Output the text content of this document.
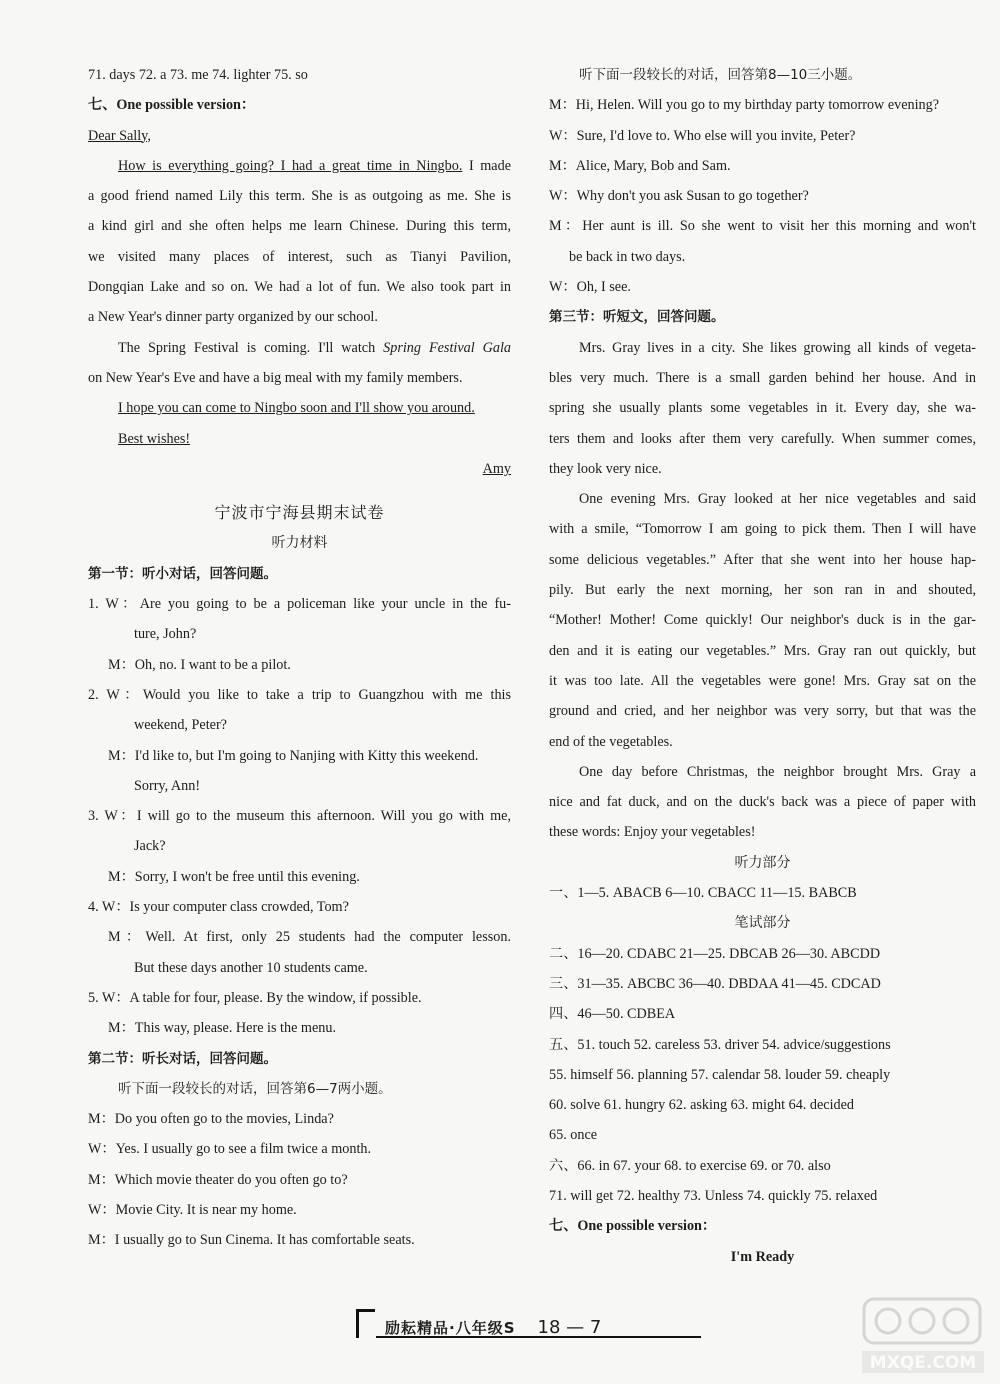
71. days 72. a 73. me 74. lighter 75. so
七、One possible version：
Dear Sally,
How is everything going? I had a great time in Ningbo. I made
a good friend named Lily this term. She is as outgoing as me. She is
a kind girl and she often helps me learn Chinese. During this term,
we visited many places of interest, such as Tianyi Pavilion,
Dongqian Lake and so on. We had a lot of fun. We also took part in
a New Year's dinner party organized by our school.
The Spring Festival is coming. I'll watch Spring Festival Gala
on New Year's Eve and have a big meal with my family members.
I hope you can come to Ningbo soon and I'll show you around.
Best wishes!
Amy
宁波市宁海县期末试卷
听力材料
第一节：听小对话，回答问题。
1. W：Are you going to be a policeman like your uncle in the fu-
ture, John?
M：Oh, no. I want to be a pilot.
2. W：Would you like to take a trip to Guangzhou with me this
weekend, Peter?
M：I'd like to, but I'm going to Nanjing with Kitty this weekend.
Sorry, Ann!
3. W：I will go to the museum this afternoon. Will you go with me,
Jack?
M：Sorry, I won't be free until this evening.
4. W：Is your computer class crowded, Tom?
M：Well. At first, only 25 students had the computer lesson.
But these days another 10 students came.
5. W：A table for four, please. By the window, if possible.
M：This way, please. Here is the menu.
第二节：听长对话，回答问题。
听下面一段较长的对话，回答第6—7两小题。
M：Do you often go to the movies, Linda?
W：Yes. I usually go to see a film twice a month.
M：Which movie theater do you often go to?
W：Movie City. It is near my home.
M：I usually go to Sun Cinema. It has comfortable seats.
听下面一段较长的对话，回答第8—10三小题。
M：Hi, Helen. Will you go to my birthday party tomorrow evening?
W：Sure, I'd love to. Who else will you invite, Peter?
M：Alice, Mary, Bob and Sam.
W：Why don't you ask Susan to go together?
M：Her aunt is ill. So she went to visit her this morning and won't
be back in two days.
W：Oh, I see.
第三节：听短文，回答问题。
Mrs. Gray lives in a city. She likes growing all kinds of vegeta-
bles very much. There is a small garden behind her house. And in
spring she usually plants some vegetables in it. Every day, she wa-
ters them and looks after them very carefully. When summer comes,
they look very nice.
One evening Mrs. Gray looked at her nice vegetables and said
with a smile, “Tomorrow I am going to pick them. Then I will have
some delicious vegetables.” After that she went into her house hap-
pily. But early the next morning, her son ran in and shouted,
“Mother! Mother! Come quickly! Our neighbor's duck is in the gar-
den and it is eating our vegetables.” Mrs. Gray ran out quickly, but
it was too late. All the vegetables were gone! Mrs. Gray sat on the
ground and cried, and her neighbor was very sorry, but that was the
end of the vegetables.
One day before Christmas, the neighbor brought Mrs. Gray a
nice and fat duck, and on the duck's back was a piece of paper with
these words: Enjoy your vegetables!
听力部分
一、1—5. ABACB 6—10. CBACC 11—15. BABCB
笔试部分
二、16—20. CDABC 21—25. DBCAB 26—30. ABCDD
三、31—35. ABCBC 36—40. DBDAA 41—45. CDCAD
四、46—50. CDBEA
五、51. touch 52. careless 53. driver 54. advice/suggestions
55. himself 56. planning 57. calendar 58. louder 59. cheaply
60. solve 61. hungry 62. asking 63. might 64. decided
65. once
六、66. in 67. your 68. to exercise 69. or 70. also
71. will get 72. healthy 73. Unless 74. quickly 75. relaxed
七、One possible version：
I'm Ready
励耘精品·八年级S 18 — 7
MXQE.COM
